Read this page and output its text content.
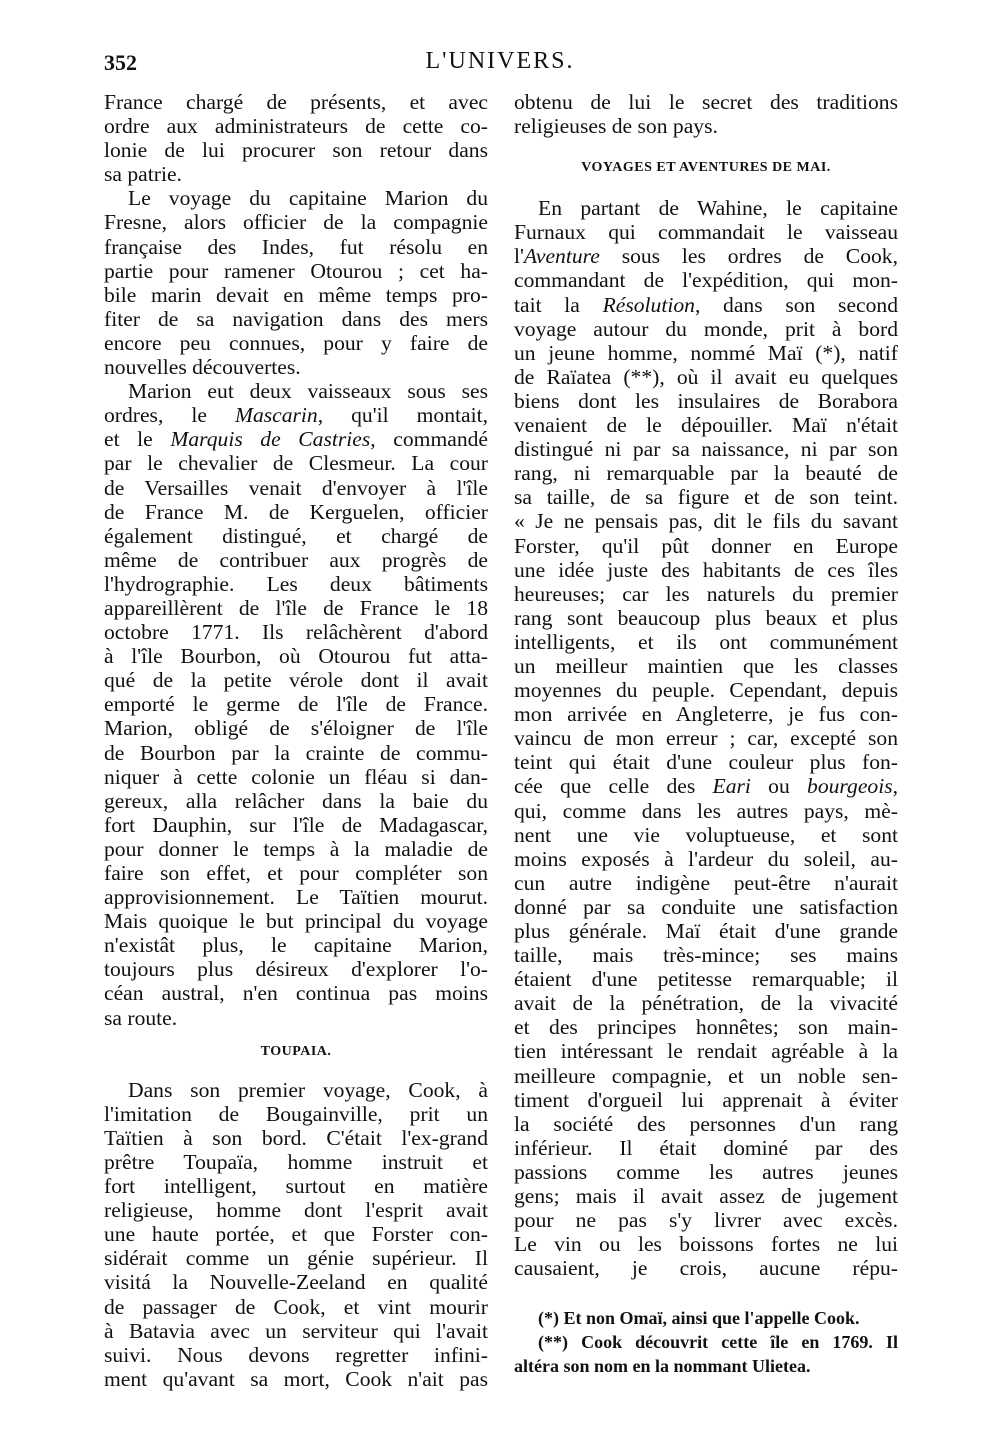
352	L'UNIVERS.
France chargé de présents, et avec
ordre aux administrateurs de cette co-
lonie de lui procurer son retour dans
sa patrie.
Le voyage du capitaine Marion du
Fresne, alors officier de la compagnie
française des Indes, fut résolu en
partie pour ramener Otourou ; cet ha-
bile marin devait en même temps pro-
fiter de sa navigation dans des mers
encore peu connues, pour y faire de
nouvelles découvertes.
Marion eut deux vaisseaux sous ses
ordres, le Mascarin, qu'il montait,
et le Marquis de Castries, commandé
par le chevalier de Clesmeur. La cour
de Versailles venait d'envoyer à l'île
de France M. de Kerguelen, officier
également distingué, et chargé de
même de contribuer aux progrès de
l'hydrographie. Les deux bâtiments
appareillèrent de l'île de France le 18
octobre 1771. Ils relâchèrent d'abord
à l'île Bourbon, où Otourou fut atta-
qué de la petite vérole dont il avait
emporté le germe de l'île de France.
Marion, obligé de s'éloigner de l'île
de Bourbon par la crainte de commu-
niquer à cette colonie un fléau si dan-
gereux, alla relâcher dans la baie du
fort Dauphin, sur l'île de Madagascar,
pour donner le temps à la maladie de
faire son effet, et pour compléter son
approvisionnement. Le Taïtien mourut.
Mais quoique le but principal du voyage
n'existât plus, le capitaine Marion,
toujours plus désireux d'explorer l'o-
céan austral, n'en continua pas moins
sa route.
TOUPAIA.
Dans son premier voyage, Cook, à
l'imitation de Bougainville, prit un
Taïtien à son bord. C'était l'ex-grand
prêtre Toupaïa, homme instruit et
fort intelligent, surtout en matière
religieuse, homme dont l'esprit avait
une haute portée, et que Forster con-
sidérait comme un génie supérieur. Il
visitá la Nouvelle-Zeeland en qualité
de passager de Cook, et vint mourir
à Batavia avec un serviteur qui l'avait
suivi. Nous devons regretter infini-
ment qu'avant sa mort, Cook n'ait pas
obtenu de lui le secret des traditions
religieuses de son pays.
VOYAGES ET AVENTURES DE MAI.
En partant de Wahine, le capitaine
Furnaux qui commandait le vaisseau
l'Aventure sous les ordres de Cook,
commandant de l'expédition, qui mon-
tait la Résolution, dans son second
voyage autour du monde, prit à bord
un jeune homme, nommé Maï (*), natif
de Raïatea (**), où il avait eu quelques
biens dont les insulaires de Borabora
venaient de le dépouiller. Maï n'était
distingué ni par sa naissance, ni par son
rang, ni remarquable par la beauté de
sa taille, de sa figure et de son teint.
« Je ne pensais pas, dit le fils du savant
Forster, qu'il pût donner en Europe
une idée juste des habitants de ces îles
heureuses; car les naturels du premier
rang sont beaucoup plus beaux et plus
intelligents, et ils ont communément
un meilleur maintien que les classes
moyennes du peuple. Cependant, depuis
mon arrivée en Angleterre, je fus con-
vaincu de mon erreur ; car, excepté son
teint qui était d'une couleur plus fon-
cée que celle des Eari ou bourgeois,
qui, comme dans les autres pays, mè-
nent une vie voluptueuse, et sont
moins exposés à l'ardeur du soleil, au-
cun autre indigène peut-être n'aurait
donné par sa conduite une satisfaction
plus générale. Maï était d'une grande
taille, mais très-mince; ses mains
étaient d'une petitesse remarquable; il
avait de la pénétration, de la vivacité
et des principes honnêtes; son main-
tien intéressant le rendait agréable à la
meilleure compagnie, et un noble sen-
timent d'orgueil lui apprenait à éviter
la société des personnes d'un rang
inférieur. Il était dominé par des
passions comme les autres jeunes
gens; mais il avait assez de jugement
pour ne pas s'y livrer avec excès.
Le vin ou les boissons fortes ne lui
causaient, je crois, aucune répu-
(*) Et non Omaï, ainsi que l'appelle Cook.
(**) Cook découvrit cette île en 1769. Il
altéra son nom en la nommant Ulietea.
